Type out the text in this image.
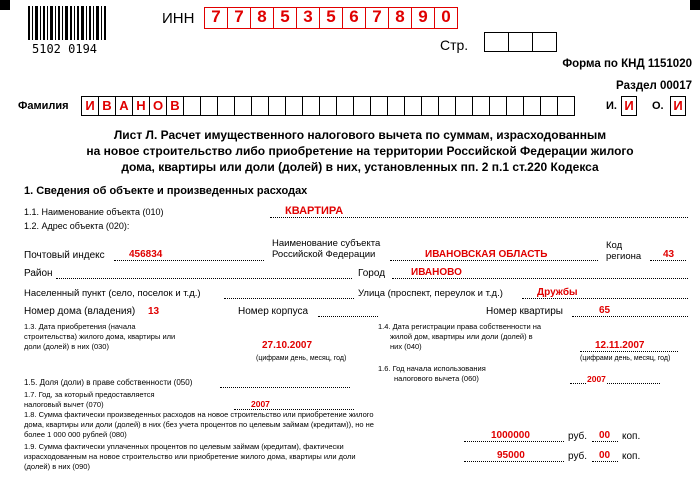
5102 0194
ИНН 7 7 8 5 3 5 6 7 8 9 0
Стр.
Форма по КНД 1151020
Раздел 00017
Фамилия	И В А Н О В	И. И	О. И
Лист Л. Расчет имущественного налогового вычета по суммам, израсходованным
на новое строительство либо приобретение на территории Российской Федерации жилого
дома, квартиры или доли (долей) в них, установленных пп. 2 п.1 ст.220 Кодекса
1. Сведения об объекте и произведенных расходах
1.1. Наименование объекта (010)	КВАРТИРА
1.2. Адрес объекта (020):
Почтовый индекс 456834
Наименование субъекта
Российской Федерации	ИВАНОВСКАЯ ОБЛАСТЬ
Код
региона 43
Район	Город	ИВАНОВО
Населенный пункт (село, поселок и т.д.)	Улица (проспект, переулок и т.д.)	Дружбы
Номер дома (владения) 13	Номер корпуса	Номер квартиры	65
1.3. Дата приобретения (начала
строительства) жилого дома, квартиры или
доли (долей) в них (030)	27.10.2007
(цифрами день, месяц, год)
1.4. Дата регистрации права собственности на
жилой дом, квартиры или доли (долей) в
них (040)	12.11.2007
(цифрами день, месяц, год)
1.6. Год начала использования
налогового вычета (060)	2007
1.5. Доля (доли) в праве собственности (050)
1.7. Год, за который предоставляется
налоговый вычет (070)	2007
1.8. Сумма фактически произведенных расходов на новое строительство или приобретение жилого
дома, квартиры или доли (долей) в них (без учета процентов по целевым займам (кредитам)), но не
более 1 000 000 рублей (080)	1000000	руб. 00 коп.
1.9. Сумма фактически уплаченных процентов по целевым займам (кредитам), фактически
израсходованным на новое строительство или приобретение жилого дома, квартиры или доли
(долей) в них (090)
95000	руб. 00 коп.
